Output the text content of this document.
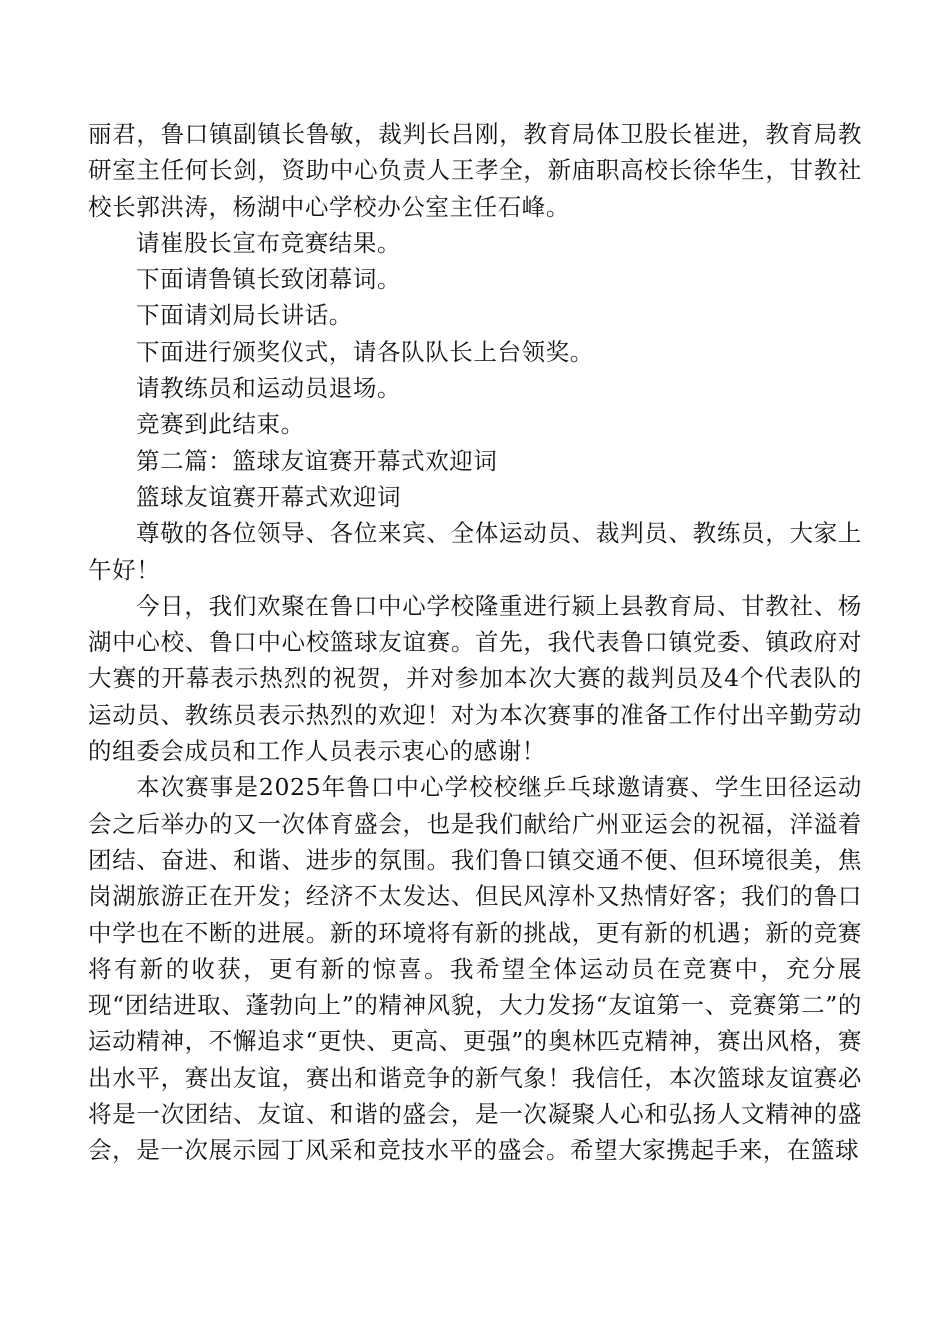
丽君，鲁口镇副镇长鲁敏，裁判长吕刚，教育局体卫股长崔进，教育局教研室主任何长剑，资助中心负责人王孝全，新庙职高校长徐华生，甘教社校长郭洪涛，杨湖中心学校办公室主任石峰。

请崔股长宣布竞赛结果。

下面请鲁镇长致闭幕词。

下面请刘局长讲话。

下面进行颁奖仪式，请各队队长上台领奖。

请教练员和运动员退场。

竞赛到此结束。

第二篇：篮球友谊赛开幕式欢迎词

篮球友谊赛开幕式欢迎词

尊敬的各位领导、各位来宾、全体运动员、裁判员、教练员，大家上午好！

今日，我们欢聚在鲁口中心学校隆重进行颍上县教育局、甘教社、杨湖中心校、鲁口中心校篮球友谊赛。首先，我代表鲁口镇党委、镇政府对大赛的开幕表示热烈的祝贺，并对参加本次大赛的裁判员及4个代表队的运动员、教练员表示热烈的欢迎！对为本次赛事的准备工作付出辛勤劳动的组委会成员和工作人员表示衷心的感谢！

本次赛事是2025年鲁口中心学校校继乒乓球邀请赛、学生田径运动会之后举办的又一次体育盛会，也是我们献给广州亚运会的祝福，洋溢着团结、奋进、和谐、进步的氛围。我们鲁口镇交通不便、但环境很美，焦岗湖旅游正在开发；经济不太发达、但民风淳朴又热情好客；我们的鲁口中学也在不断的进展。新的环境将有新的挑战，更有新的机遇；新的竞赛将有新的收获，更有新的惊喜。我希望全体运动员在竞赛中，充分展现“团结进取、蓬勃向上”的精神风貌，大力发扬“友谊第一、竞赛第二”的运动精神，不懈追求“更快、更高、更强”的奥林匹克精神，赛出风格，赛出水平，赛出友谊，赛出和谐竞争的新气象！我信任，本次篮球友谊赛必将是一次团结、友谊、和谐的盛会，是一次凝聚人心和弘扬人文精神的盛会，是一次展示园丁风采和竞技水平的盛会。希望大家携起手来，在篮球
